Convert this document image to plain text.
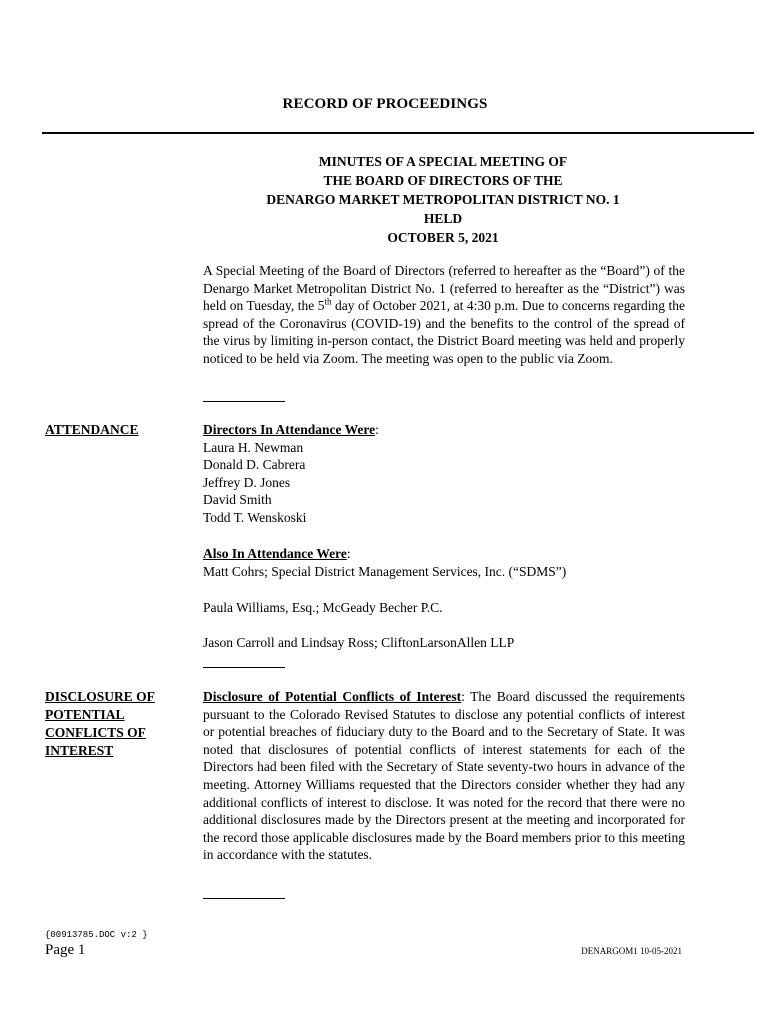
RECORD OF PROCEEDINGS
MINUTES OF A SPECIAL MEETING OF
THE BOARD OF DIRECTORS OF THE
DENARGO MARKET METROPOLITAN DISTRICT NO. 1
HELD
OCTOBER 5, 2021
A Special Meeting of the Board of Directors (referred to hereafter as the “Board”) of the Denargo Market Metropolitan District No. 1 (referred to hereafter as the “District”) was held on Tuesday, the 5th day of October 2021, at 4:30 p.m. Due to concerns regarding the spread of the Coronavirus (COVID-19) and the benefits to the control of the spread of the virus by limiting in-person contact, the District Board meeting was held and properly noticed to be held via Zoom. The meeting was open to the public via Zoom.
ATTENDANCE	Directors In Attendance Were:
Laura H. Newman
Donald D. Cabrera
Jeffrey D. Jones
David Smith
Todd T. Wenskoski
Also In Attendance Were:
Matt Cohrs; Special District Management Services, Inc. (“SDMS”)
Paula Williams, Esq.; McGeady Becher P.C.
Jason Carroll and Lindsay Ross; CliftonLarsonAllen LLP
DISCLOSURE OF
POTENTIAL
CONFLICTS OF
INTEREST
Disclosure of Potential Conflicts of Interest: The Board discussed the requirements pursuant to the Colorado Revised Statutes to disclose any potential conflicts of interest or potential breaches of fiduciary duty to the Board and to the Secretary of State. It was noted that disclosures of potential conflicts of interest statements for each of the Directors had been filed with the Secretary of State seventy-two hours in advance of the meeting. Attorney Williams requested that the Directors consider whether they had any additional conflicts of interest to disclose. It was noted for the record that there were no additional disclosures made by the Directors present at the meeting and incorporated for the record those applicable disclosures made by the Board members prior to this meeting in accordance with the statutes.
{00913785.DOC v:2 }
Page 1	DENARGOM1 10-05-2021
